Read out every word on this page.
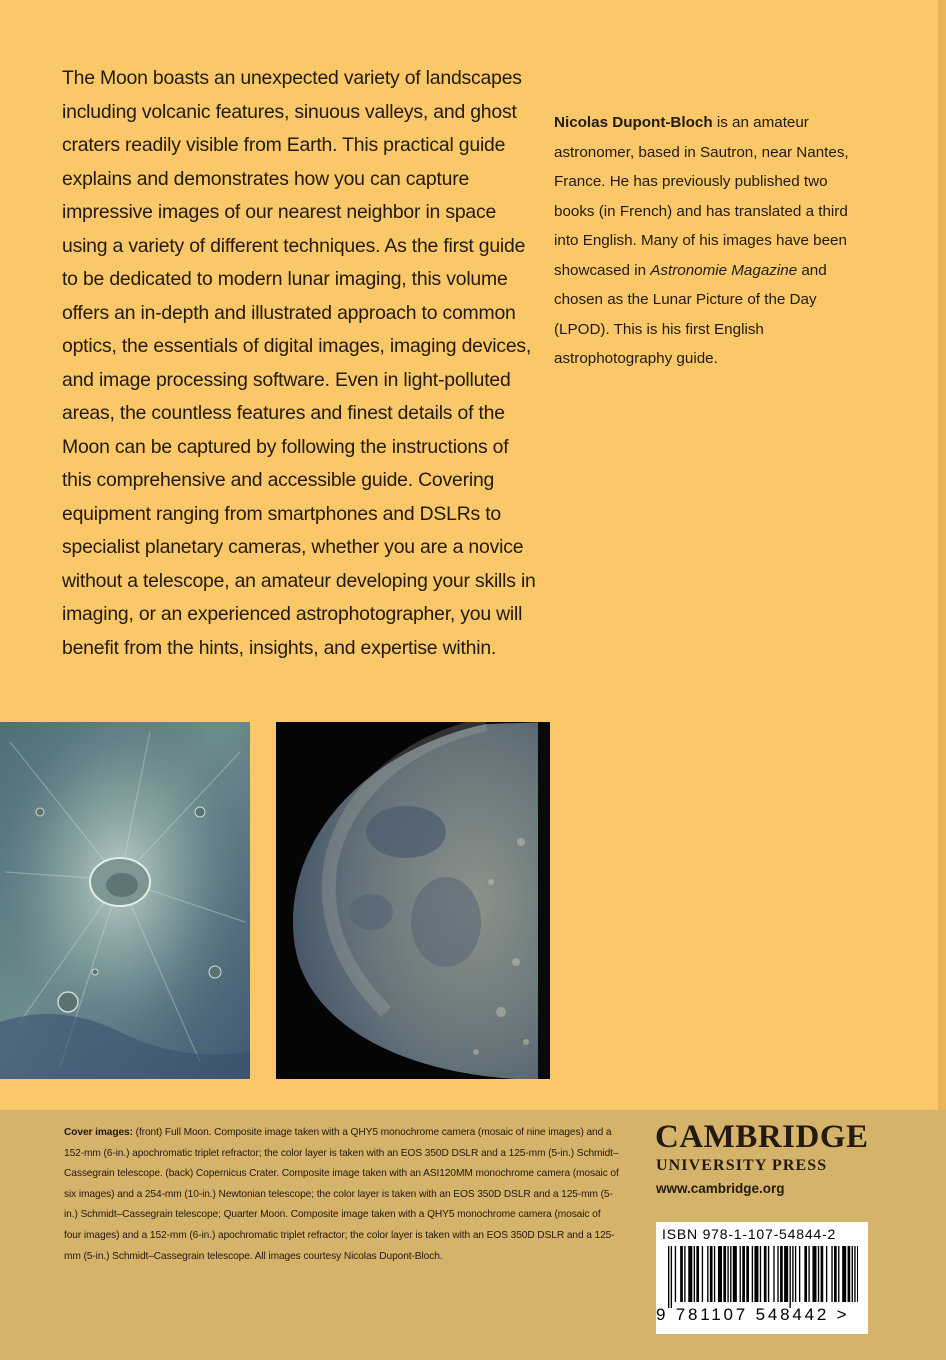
The Moon boasts an unexpected variety of landscapes including volcanic features, sinuous valleys, and ghost craters readily visible from Earth. This practical guide explains and demonstrates how you can capture impressive images of our nearest neighbor in space using a variety of different techniques. As the first guide to be dedicated to modern lunar imaging, this volume offers an in-depth and illustrated approach to common optics, the essentials of digital images, imaging devices, and image processing software. Even in light-polluted areas, the countless features and finest details of the Moon can be captured by following the instructions of this comprehensive and accessible guide. Covering equipment ranging from smartphones and DSLRs to specialist planetary cameras, whether you are a novice without a telescope, an amateur developing your skills in imaging, or an experienced astrophotographer, you will benefit from the hints, insights, and expertise within.

Nicolas Dupont-Bloch is an amateur astronomer, based in Sautron, near Nantes, France. He has previously published two books (in French) and has translated a third into English. Many of his images have been showcased in Astronomie Magazine and chosen as the Lunar Picture of the Day (LPOD). This is his first English astrophotography guide.

Cover images: (front) Full Moon. Composite image taken with a QHY5 monochrome camera (mosaic of nine images) and a 152-mm (6-in.) apochromatic triplet refractor; the color layer is taken with an EOS 350D DSLR and a 125-mm (5-in.) Schmidt–Cassegrain telescope. (back) Copernicus Crater. Composite image taken with an ASI120MM monochrome camera (mosaic of six images) and a 254-mm (10-in.) Newtonian telescope; the color layer is taken with an EOS 350D DSLR and a 125-mm (5-in.) Schmidt–Cassegrain telescope; Quarter Moon. Composite image taken with a QHY5 monochrome camera (mosaic of four images) and a 152-mm (6-in.) apochromatic triplet refractor; the color layer is taken with an EOS 350D DSLR and a 125-mm (5-in.) Schmidt–Cassegrain telescope. All images courtesy Nicolas Dupont-Bloch.

CAMBRIDGE
UNIVERSITY PRESS
www.cambridge.org
ISBN 978-1-107-54844-2
9 781107 548442 >
